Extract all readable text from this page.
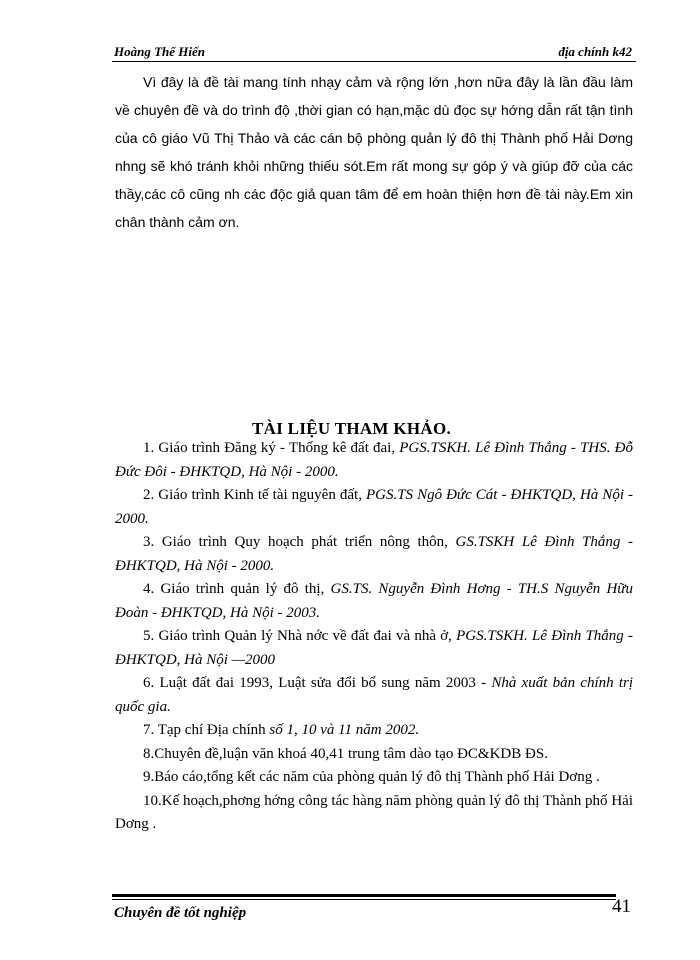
Hoàng Thế Hiển	địa chính k42

Vì đây là đề tài mang tính nhạy cảm và rộng lớn ,hơn nữa đây là lần đầu làm về chuyên đề và do trình độ ,thời gian có hạn,mặc dù đọc sự hớng dẫn rất tận tình của cô giáo Vũ Thị Thảo và các cán bộ phòng quản lý đô thị Thành phố Hải Dơng nhng sẽ khó tránh khỏi những thiếu sót.Em rất mong sự góp ý và giúp đỡ của các thầy,các cô cũng nh các độc giả quan tâm để em hoàn thiện hơn đề tài này.Em xin chân thành cảm ơn.

TÀI LIỆU THAM KHẢO.

1. Giáo trình Đăng ký - Thống kê đất đai, PGS.TSKH. Lê Đình Thắng - THS. Đỗ Đức Đôi - ĐHKTQD, Hà Nội - 2000.

2. Giáo trình Kinh tế tài nguyên đất, PGS.TS Ngô Đức Cát - ĐHKTQD, Hà Nội - 2000.

3. Giáo trình Quy hoạch phát triển nông thôn, GS.TSKH Lê Đình Thắng - ĐHKTQD, Hà Nội - 2000.

4. Giáo trình quản lý đô thị, GS.TS. Nguyễn Đình Hơng - TH.S Nguyễn Hữu Đoàn - ĐHKTQD, Hà Nội - 2003.

5. Giáo trình Quản lý Nhà nớc về đất đai và nhà ở, PGS.TSKH. Lê Đình Thắng - ĐHKTQD, Hà Nội —2000

6. Luật đất đai 1993, Luật sửa đổi bổ sung năm 2003 - Nhà xuất bản chính trị quốc gia.

7. Tạp chí Địa chính số 1, 10 và 11 năm 2002.

8.Chuyên đề,luận văn khoá 40,41 trung tâm dào tạo ĐC&KDB ĐS.

9.Báo cáo,tổng kết các năm của phòng quản lý đô thị Thành phố Hải Dơng .

10.Kế hoạch,phơng hớng công tác hàng năm phòng quản lý đô thị Thành phố Hải Dơng .

Chuyên đề tốt nghiệp	41
